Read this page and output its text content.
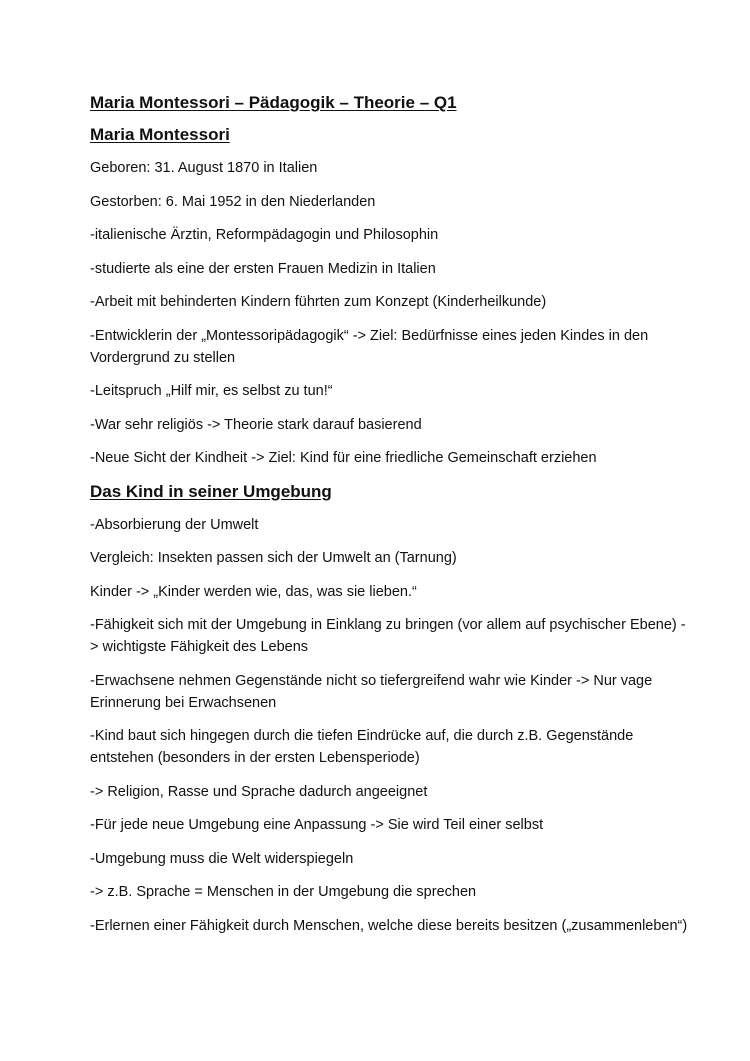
Maria Montessori – Pädagogik – Theorie – Q1
Maria Montessori

Geboren: 31. August 1870 in Italien

Gestorben: 6. Mai 1952 in den Niederlanden

-italienische Ärztin, Reformpädagogin und Philosophin

-studierte als eine der ersten Frauen Medizin in Italien

-Arbeit mit behinderten Kindern führten zum Konzept (Kinderheilkunde)

-Entwicklerin der „Montessoripädagogik“ -> Ziel: Bedürfnisse eines jeden Kindes in den Vordergrund zu stellen

-Leitspruch „Hilf mir, es selbst zu tun!“

-War sehr religiös -> Theorie stark darauf basierend

-Neue Sicht der Kindheit -> Ziel: Kind für eine friedliche Gemeinschaft erziehen

Das Kind in seiner Umgebung

-Absorbierung der Umwelt

Vergleich: Insekten passen sich der Umwelt an (Tarnung)

Kinder -> „Kinder werden wie, das, was sie lieben.“

-Fähigkeit sich mit der Umgebung in Einklang zu bringen (vor allem auf psychischer Ebene) -> wichtigste Fähigkeit des Lebens

-Erwachsene nehmen Gegenstände nicht so tiefergreifend wahr wie Kinder -> Nur vage Erinnerung bei Erwachsenen

-Kind baut sich hingegen durch die tiefen Eindrücke auf, die durch z.B. Gegenstände entstehen (besonders in der ersten Lebensperiode)

-> Religion, Rasse und Sprache dadurch angeeignet

-Für jede neue Umgebung eine Anpassung -> Sie wird Teil einer selbst

-Umgebung muss die Welt widerspiegeln

-> z.B. Sprache = Menschen in der Umgebung die sprechen

-Erlernen einer Fähigkeit durch Menschen, welche diese bereits besitzen („zusammenleben“)
